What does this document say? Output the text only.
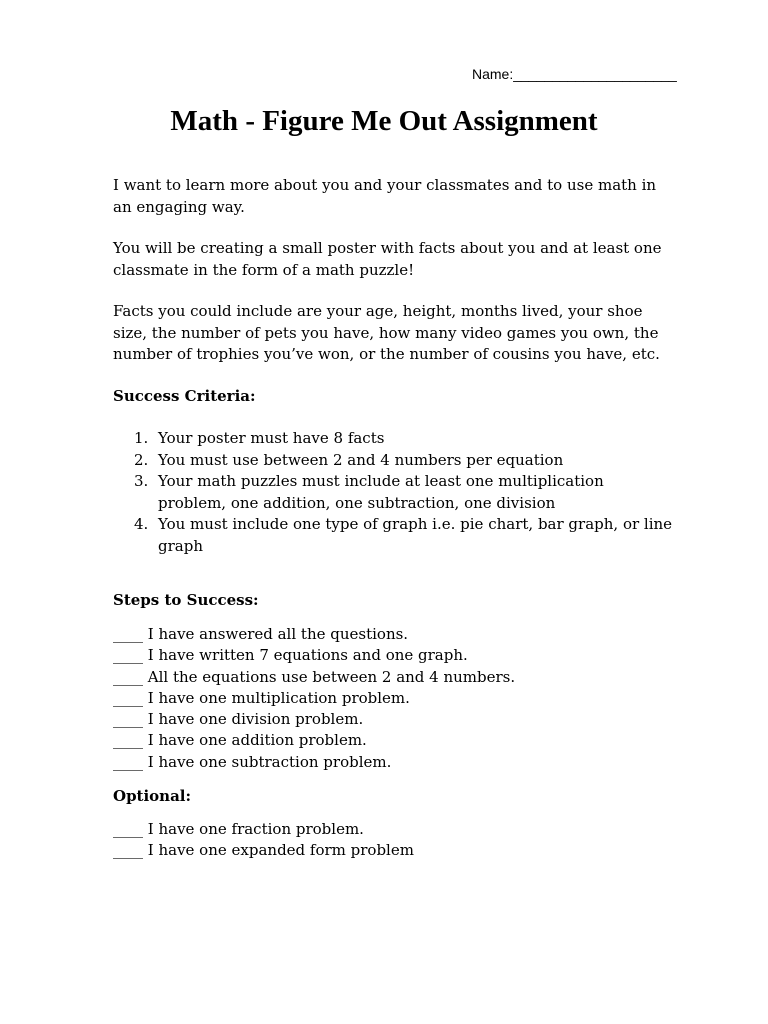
Name:_____________________
Math - Figure Me Out Assignment

I want to learn more about you and your classmates and to use math in an engaging way.

You will be creating a small poster with facts about you and at least one classmate in the form of a math puzzle!

Facts you could include are your age, height, months lived, your shoe size, the number of pets you have, how many video games you own, the number of trophies you’ve won, or the number of cousins you have, etc.

Success Criteria:

1. Your poster must have 8 facts
2. You must use between 2 and 4 numbers per equation
3. Your math puzzles must include at least one multiplication problem, one addition, one subtraction, one division
4. You must include one type of graph i.e. pie chart, bar graph, or line graph

Steps to Success:

____ I have answered all the questions.
____ I have written 7 equations and one graph.
____ All the equations use between 2 and 4 numbers.
____ I have one multiplication problem.
____ I have one division problem.
____ I have one addition problem.
____ I have one subtraction problem.

Optional:

____ I have one fraction problem.
____ I have one expanded form problem
